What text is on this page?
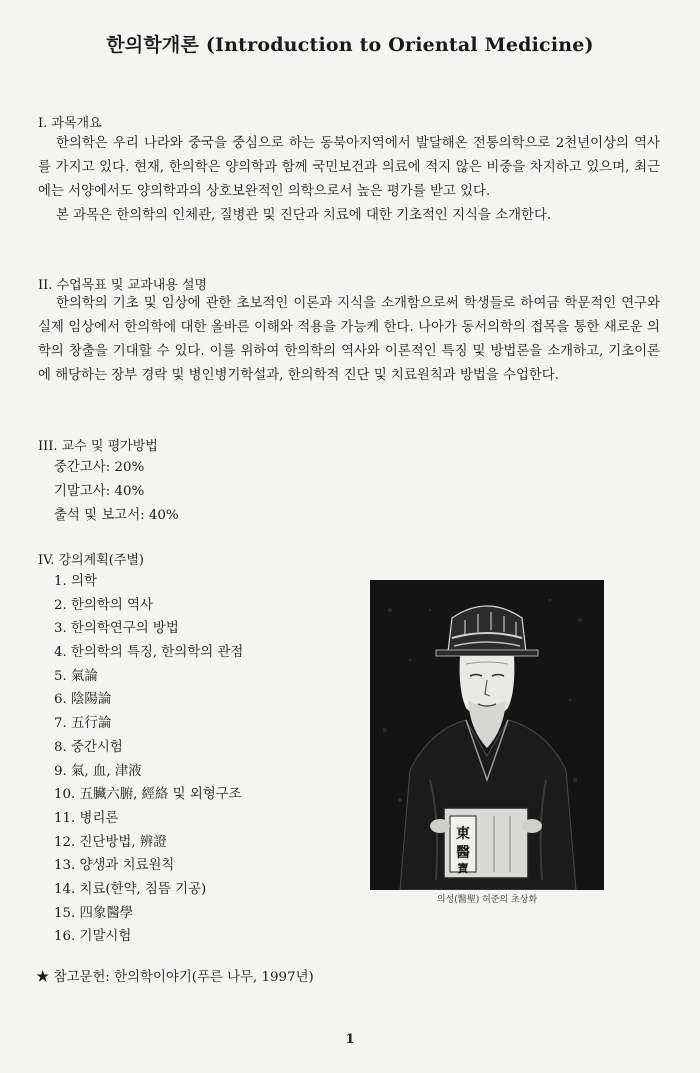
한의학개론 (Introduction to Oriental Medicine)
I. 과목개요

한의학은 우리 나라와 중국을 중심으로 하는 동북아지역에서 발달해온 전통의학으로 2천년이상의 역사를 가지고 있다. 현재, 한의학은 양의학과 함께 국민보건과 의료에 적지 않은 비중을 차지하고 있으며, 최근에는 서양에서도 양의학과의 상호보완적인 의학으로서 높은 평가를 받고 있다.

본 과목은 한의학의 인체관, 질병관 및 진단과 치료에 대한 기초적인 지식을 소개한다.

II. 수업목표 및 교과내용 설명

한의학의 기초 및 임상에 관한 초보적인 이론과 지식을 소개함으로써 학생들로 하여금 학문적인 연구와 실제 임상에서 한의학에 대한 올바른 이해와 적용을 가능케 한다. 나아가 동서의학의 접목을 통한 새로운 의학의 창출을 기대할 수 있다. 이를 위하여 한의학의 역사와 이론적인 특징 및 방법론을 소개하고, 기초이론에 해당하는 장부 경락 및 병인병기학설과, 한의학적 진단 및 치료원칙과 방법을 수업한다.

III. 교수 및 평가방법
중간고사: 20%
기말고사: 40%
출석 및 보고서: 40%
IV. 강의계획(주별)
1. 의학
2. 한의학의 역사
3. 한의학연구의 방법
4. 한의학의 특징, 한의학의 관점
5. 氣論
6. 陰陽論
7. 五行論
8. 중간시험
9. 氣, 血, 津液
10. 五臟六腑, 經絡 및 외형구조
11. 병리론
12. 진단방법, 辨證
13. 양생과 치료원칙
14. 치료(한약, 침뜸 기공)
15. 四象醫學
16. 기말시험
東
醫
寶
의성(醫聖) 허준의 초상화
★ 참고문헌: 한의학이야기(푸른 나무, 1997년)
1
